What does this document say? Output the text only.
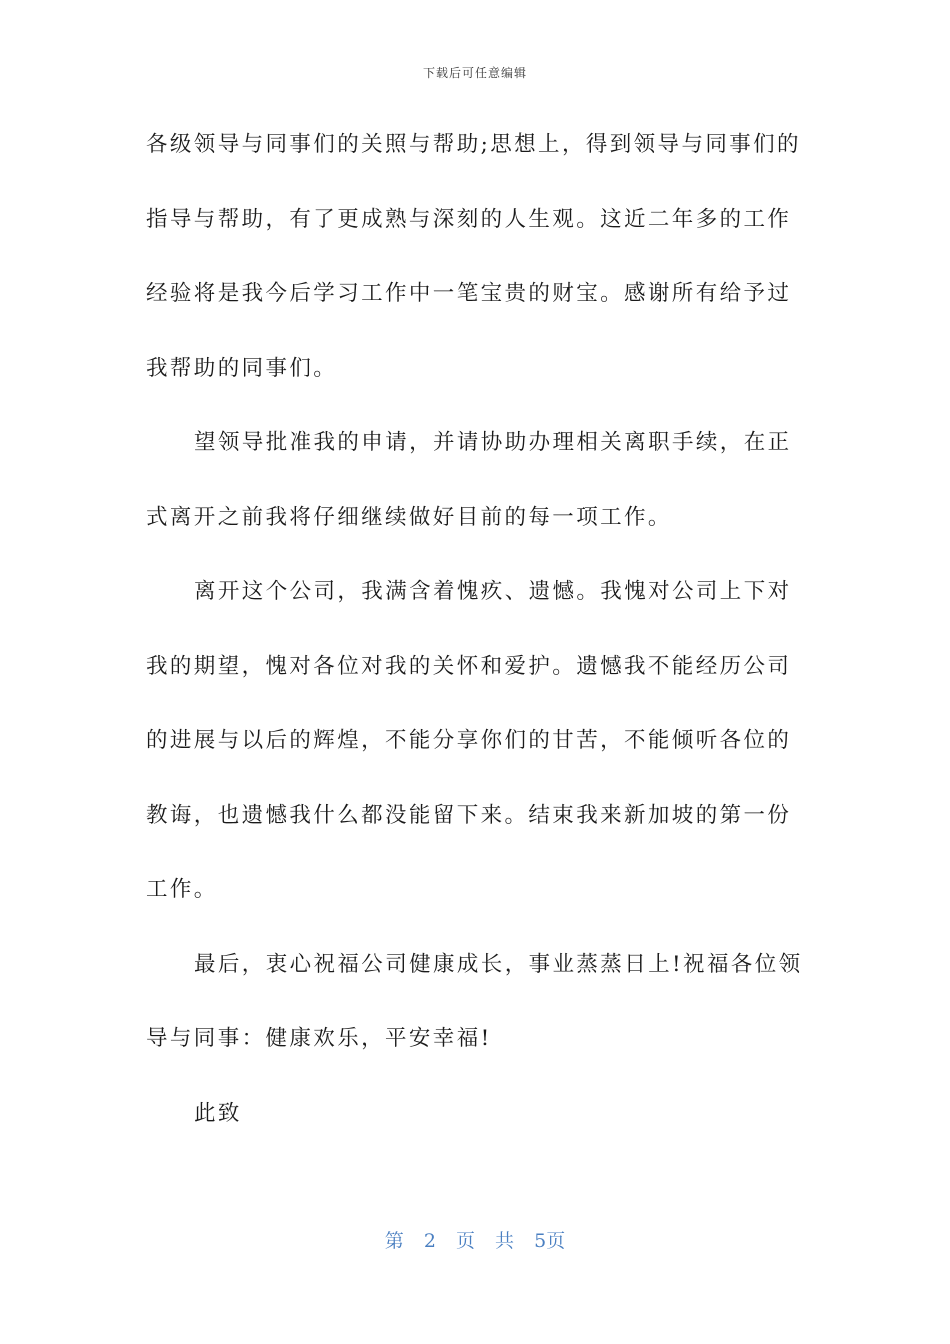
下载后可任意编辑
各级领导与同事们的关照与帮助;思想上，得到领导与同事们的
指导与帮助，有了更成熟与深刻的人生观。这近二年多的工作
经验将是我今后学习工作中一笔宝贵的财宝。感谢所有给予过
我帮助的同事们。
望领导批准我的申请，并请协助办理相关离职手续，在正
式离开之前我将仔细继续做好目前的每一项工作。
离开这个公司，我满含着愧疚、遗憾。我愧对公司上下对
我的期望，愧对各位对我的关怀和爱护。遗憾我不能经历公司
的进展与以后的辉煌，不能分享你们的甘苦，不能倾听各位的
教诲，也遗憾我什么都没能留下来。结束我来新加坡的第一份
工作。
最后，衷心祝福公司健康成长，事业蒸蒸日上!祝福各位领
导与同事：健康欢乐，平安幸福!
此致
第 2 页 共 5页
